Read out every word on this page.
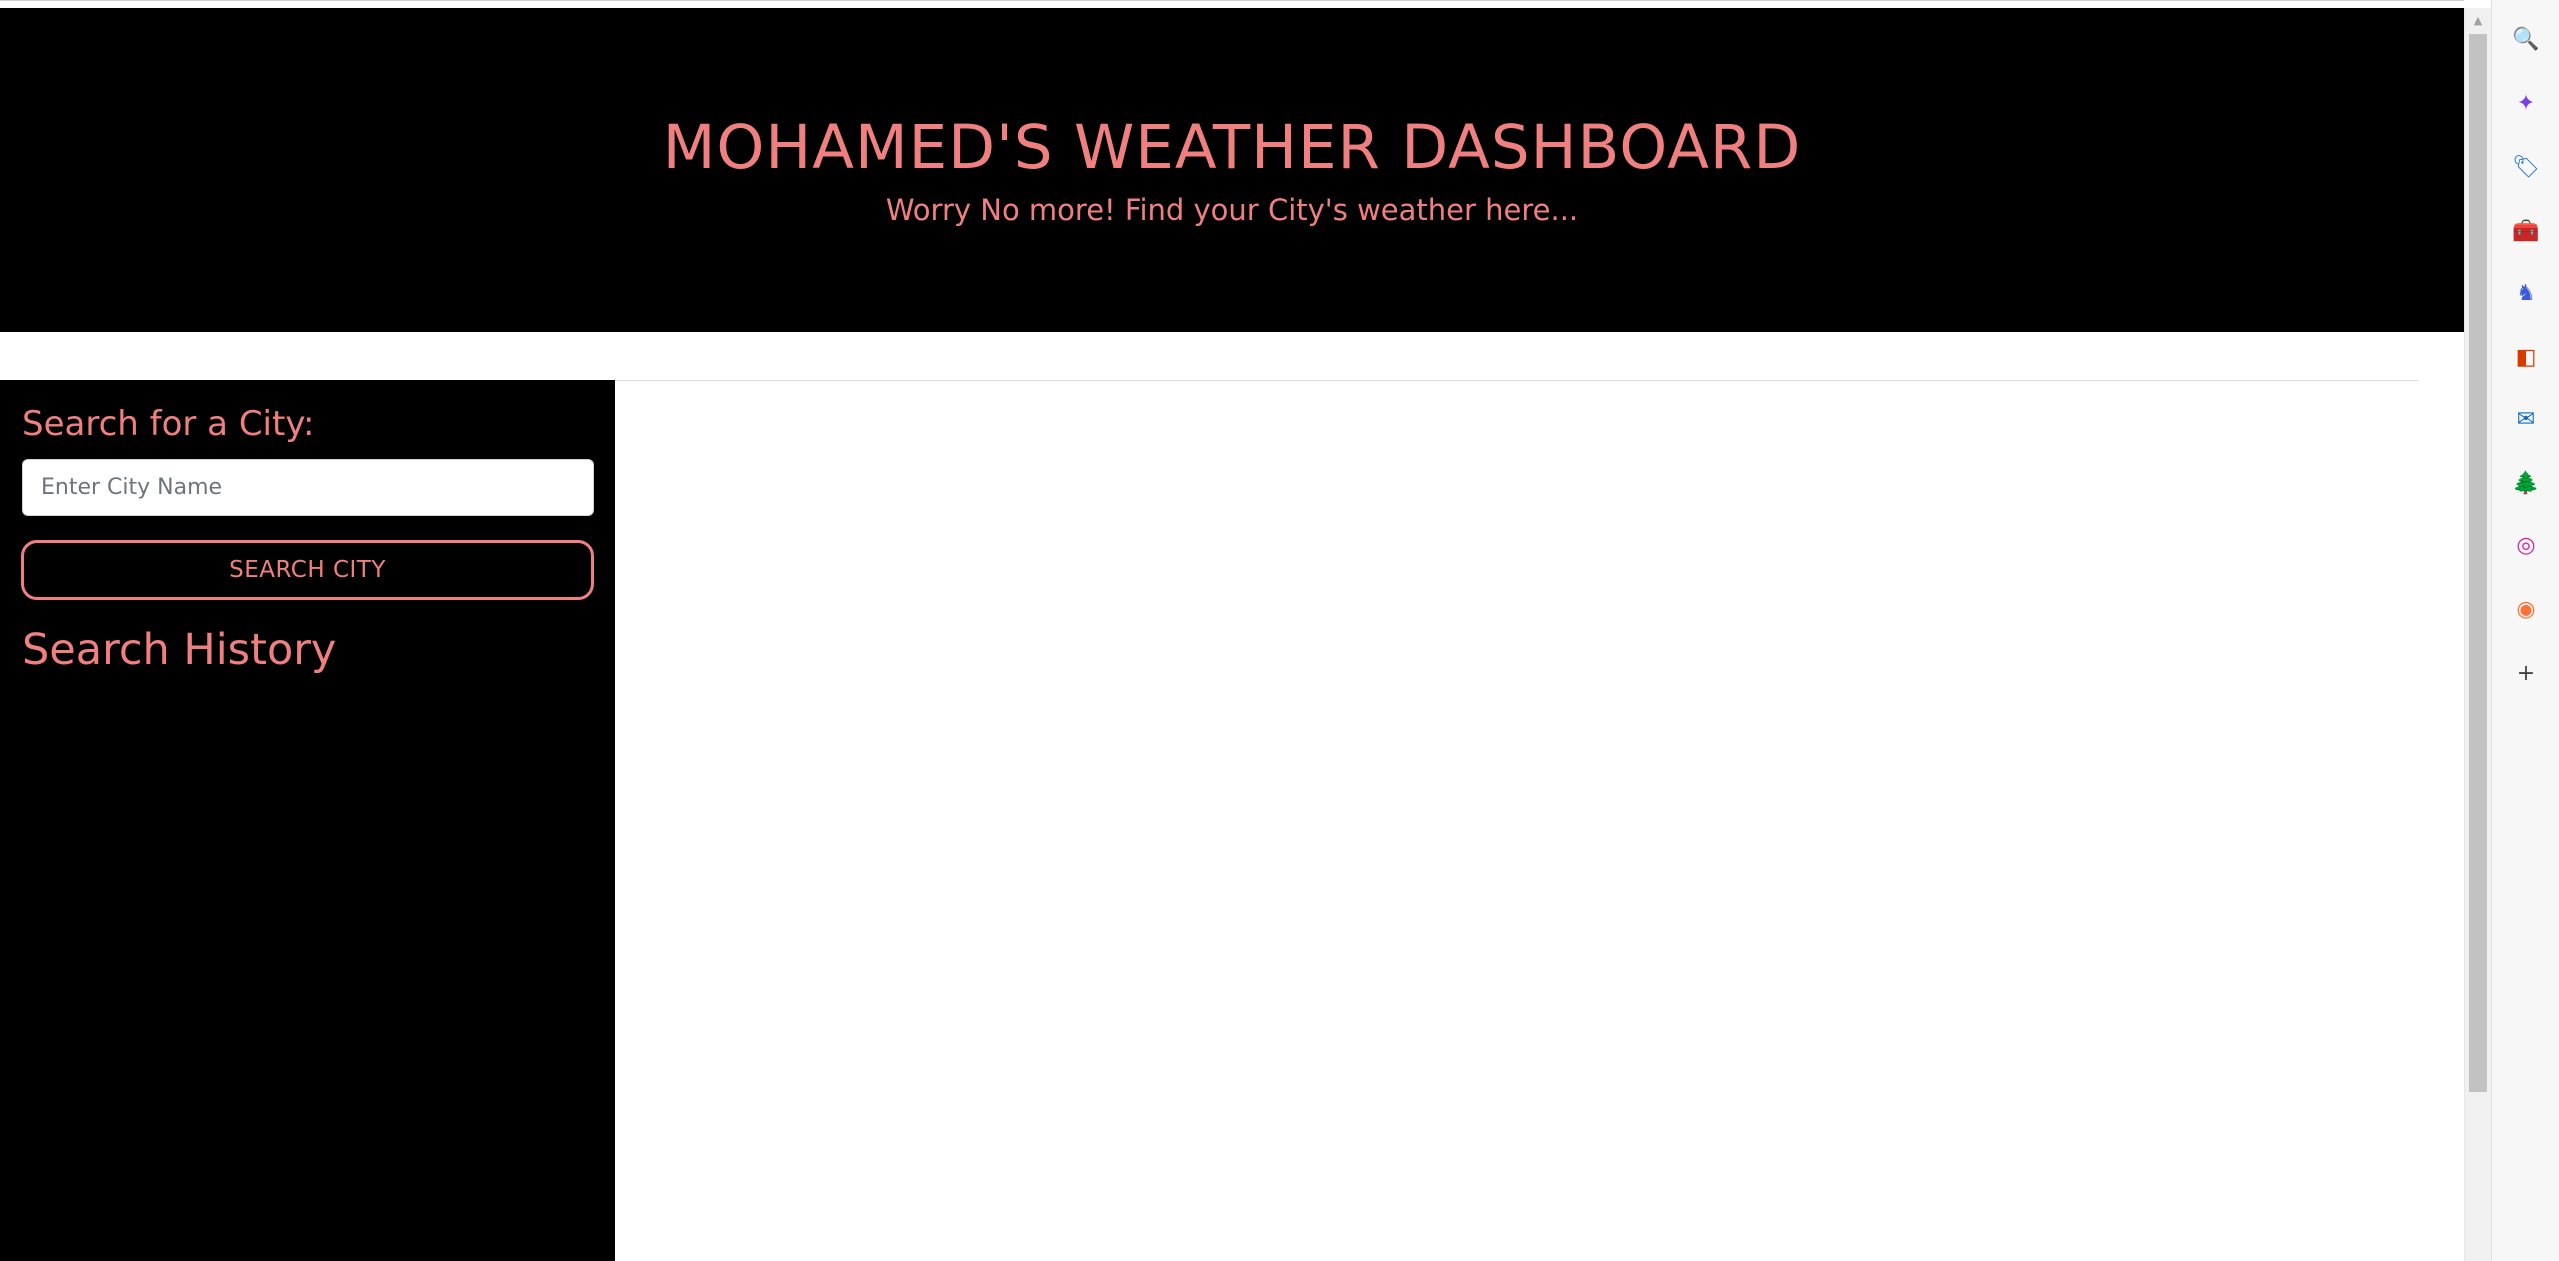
MOHAMED'S WEATHER DASHBOARD

Worry No more! Find your City's weather here...

Search for a City:
Enter City Name
SEARCH CITY
Search History
▲
🔍
✦
🏷
🧰
♞
◧
✉
🌲
◎
◉
+
